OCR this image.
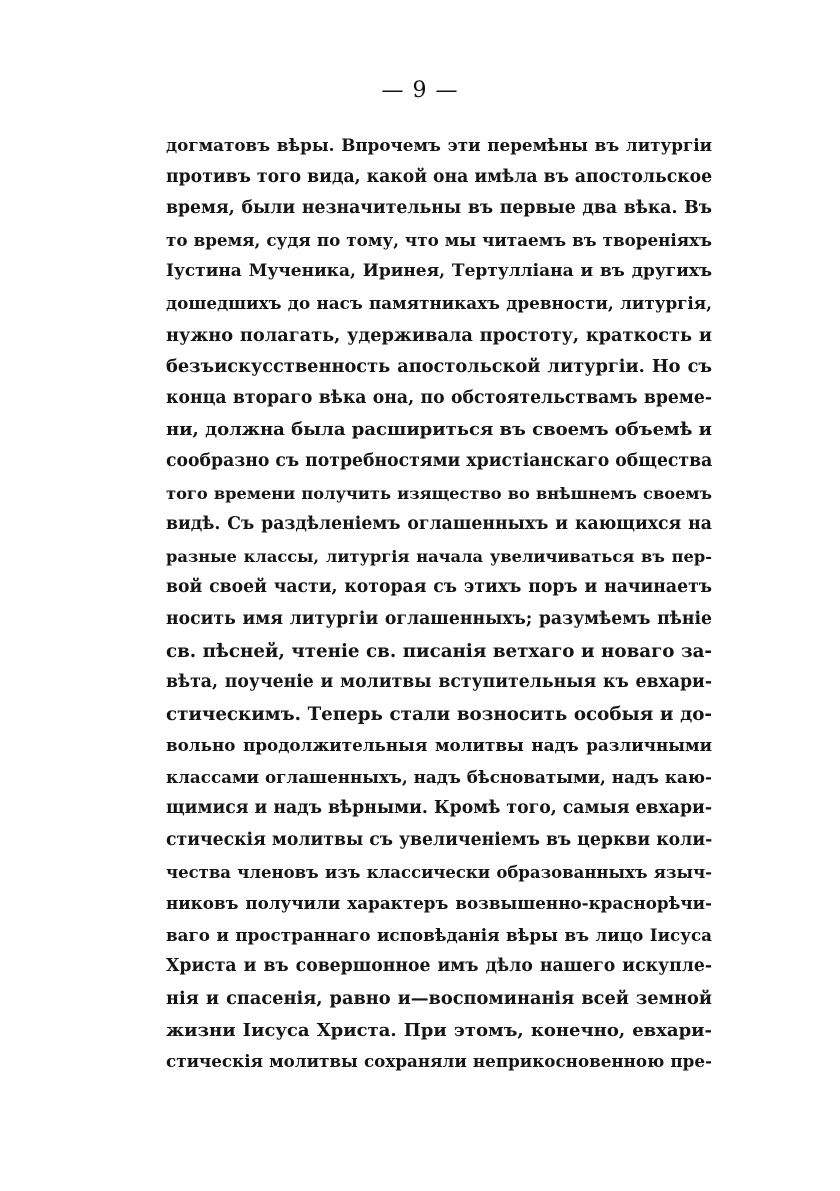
— 9 —
догматовъ вѣры. Впрочемъ эти перемѣны въ литургіи
противъ того вида, какой она имѣла въ апостольское
время, были незначительны въ первые два вѣка. Въ
то время, судя по тому, что мы читаемъ въ твореніяхъ
Іустина Мученика, Иринея, Тертулліана и въ другихъ
дошедшихъ до насъ памятникахъ древности, литургія,
нужно полагать, удерживала простоту, краткость и
безъискусственность апостольской литургіи. Но съ
конца втораго вѣка она, по обстоятельствамъ време-
ни, должна была расшириться въ своемъ объемѣ и
сообразно съ потребностями христіанскаго общества
того времени получить изящество во внѣшнемъ своемъ
видѣ. Съ раздѣленіемъ оглашенныхъ и кающихся на
разные классы, литургія начала увеличиваться въ пер-
вой своей части, которая съ этихъ поръ и начинаетъ
носить имя литургіи оглашенныхъ; разумѣемъ пѣніе
св. пѣсней, чтеніе св. писанія ветхаго и новаго за-
вѣта, поученіе и молитвы вступительныя къ евхари-
стическимъ. Теперь стали возносить особыя и до-
вольно продолжительныя молитвы надъ различными
классами оглашенныхъ, надъ бѣсноватыми, надъ каю-
щимися и надъ вѣрными. Кромѣ того, самыя евхари-
стическія молитвы съ увеличеніемъ въ церкви коли-
чества членовъ изъ классически образованныхъ языч-
никовъ получили характеръ возвышенно-краснорѣчи-
ваго и пространнаго исповѣданія вѣры въ лицо Іисуса
Христа и въ совершонное имъ дѣло нашего искупле-
нія и спасенія, равно и—воспоминанія всей земной
жизни Іисуса Христа. При этомъ, конечно, евхари-
стическія молитвы сохраняли неприкосновенною пре-
